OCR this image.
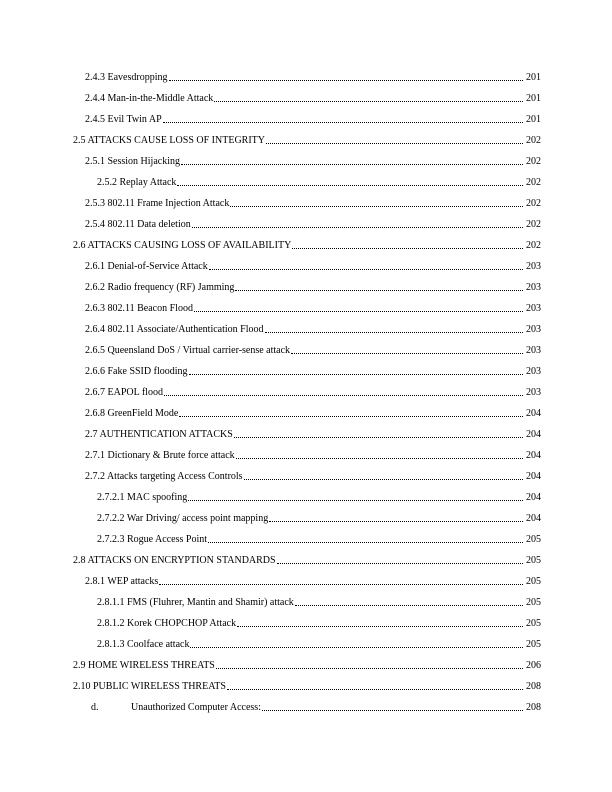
2.4.3 Eavesdropping	201
2.4.4 Man-in-the-Middle Attack	201
2.4.5 Evil Twin AP	201
2.5 ATTACKS CAUSE LOSS OF INTEGRITY	202
2.5.1 Session Hijacking	202
2.5.2 Replay Attack	202
2.5.3 802.11 Frame Injection Attack	202
2.5.4 802.11 Data deletion	202
2.6 ATTACKS CAUSING LOSS OF AVAILABILITY	202
2.6.1 Denial-of-Service Attack	203
2.6.2 Radio frequency (RF) Jamming	203
2.6.3 802.11 Beacon Flood	203
2.6.4 802.11 Associate/Authentication Flood	203
2.6.5 Queensland DoS / Virtual carrier-sense attack	203
2.6.6 Fake SSID flooding	203
2.6.7 EAPOL flood	203
2.6.8 GreenField Mode	204
2.7 AUTHENTICATION ATTACKS	204
2.7.1 Dictionary & Brute force attack	204
2.7.2 Attacks targeting Access Controls	204
2.7.2.1 MAC spoofing	204
2.7.2.2 War Driving/ access point mapping	204
2.7.2.3 Rogue Access Point	205
2.8 ATTACKS ON ENCRYPTION STANDARDS	205
2.8.1 WEP attacks	205
2.8.1.1 FMS (Fluhrer, Mantin and Shamir) attack	205
2.8.1.2 Korek CHOPCHOP Attack	205
2.8.1.3 Coolface attack	205
2.9 HOME WIRELESS THREATS	206
2.10 PUBLIC WIRELESS THREATS	208
d.	Unauthorized Computer Access:	208
